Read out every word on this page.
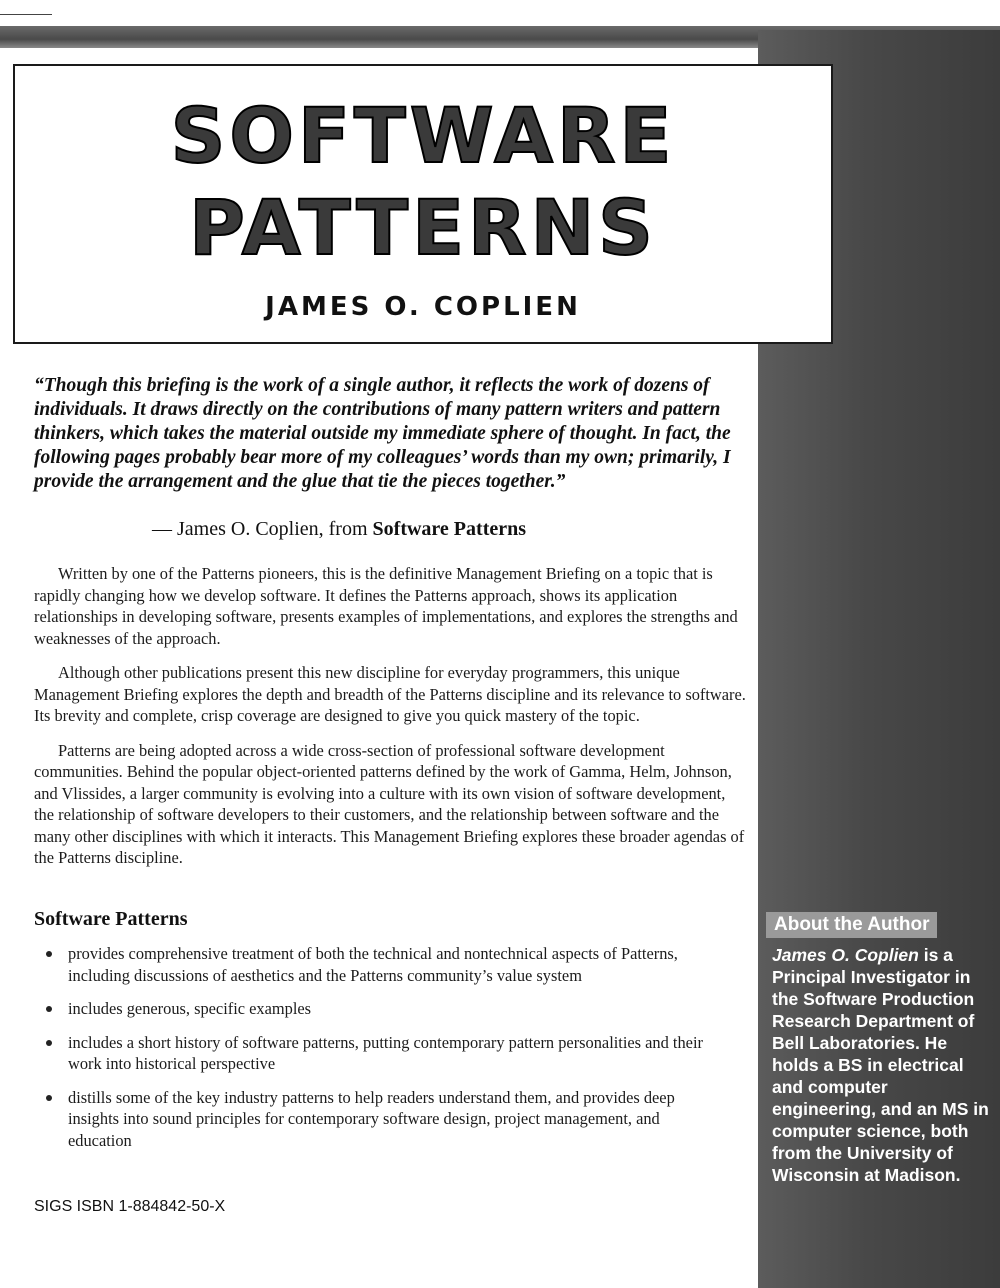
SOFTWARE
PATTERNS
JAMES O. COPLIEN

“Though this briefing is the work of a single author, it reflects the work of dozens of individuals. It draws directly on the contributions of many pattern writers and pattern thinkers, which takes the material outside my immediate sphere of thought. In fact, the following pages probably bear more of my colleagues’ words than my own; primarily, I provide the arrangement and the glue that tie the pieces together.”

— James O. Coplien, from Software Patterns

Written by one of the Patterns pioneers, this is the definitive Management Briefing on a topic that is rapidly changing how we develop software. It defines the Patterns approach, shows its application relationships in developing software, presents examples of implementations, and explores the strengths and weaknesses of the approach.

Although other publications present this new discipline for everyday programmers, this unique Management Briefing explores the depth and breadth of the Patterns discipline and its relevance to software. Its brevity and complete, crisp coverage are designed to give you quick mastery of the topic.

Patterns are being adopted across a wide cross-section of professional software development communities. Behind the popular object-oriented patterns defined by the work of Gamma, Helm, Johnson, and Vlissides, a larger community is evolving into a culture with its own vision of software development, the relationship of software developers to their customers, and the relationship between software and the many other disciplines with which it interacts. This Management Briefing explores these broader agendas of the Patterns discipline.

Software Patterns
provides comprehensive treatment of both the technical and nontechnical aspects of Patterns, including discussions of aesthetics and the Patterns community’s value system
includes generous, specific examples
includes a short history of software patterns, putting contemporary pattern personalities and their work into historical perspective
distills some of the key industry patterns to help readers understand them, and provides deep insights into sound principles for contemporary software design, project management, and education
SIGS ISBN 1-884842-50-X
About the Author
James O. Coplien is a Principal Investigator in the Software Production Research Department of Bell Laboratories. He holds a BS in electrical and computer engineering, and an MS in computer science, both from the University of Wisconsin at Madison.
